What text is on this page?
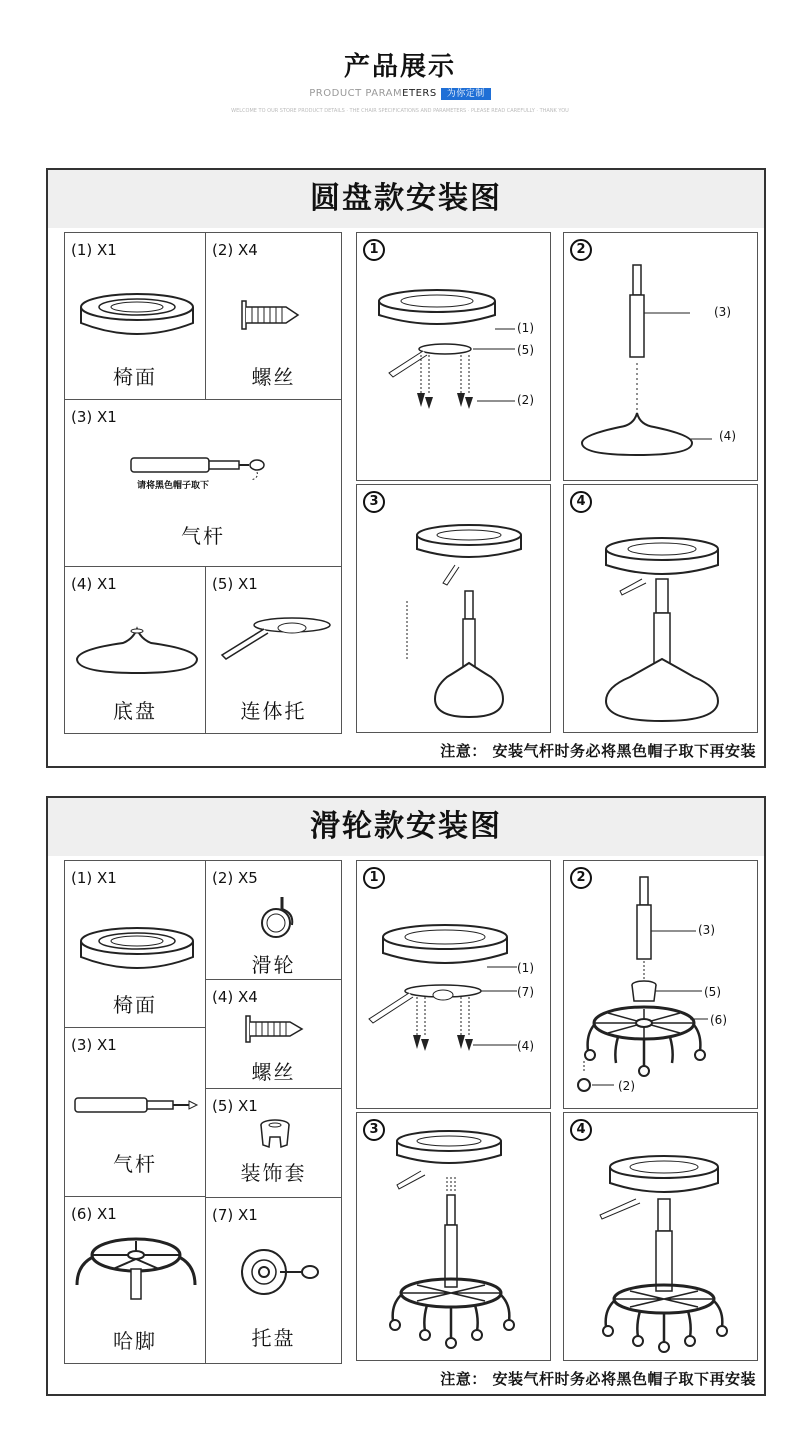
产品展示
PRODUCT PARAMETERS 为你定制
WELCOME TO OUR STORE PRODUCT DETAILS · THE CHAIR SPECIFICATIONS AND PARAMETERS · PLEASE READ CAREFULLY · THANK YOU
圆盘款安装图
(1) X1
椅面
(2) X4
螺丝
(3) X1
请将黑色帽子取下
气杆
(4) X1
底盘
(5) X1
连体托
1
(1)
(5)
(2)
2
(3)
(4)
3	4
注意： 安装气杆时务必将黑色帽子取下再安装
滑轮款安装图
(1) X1
椅面
(2) X5
滑轮
(4) X4
螺丝
(3) X1
气杆
(5) X1
装饰套
(6) X1
哈脚
(7) X1
托盘
1
(1)
(7)
(4)
2
(3)
(5)
(6)
(2)
3	4
注意： 安装气杆时务必将黑色帽子取下再安装
